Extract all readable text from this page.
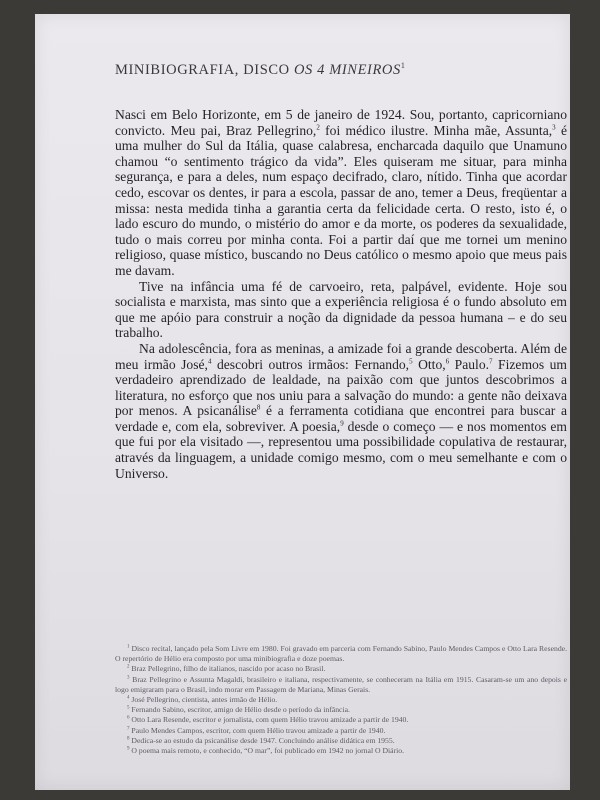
MINIBIOGRAFIA, DISCO OS 4 MINEIROS$^1$

Nasci em Belo Horizonte, em 5 de janeiro de 1924. Sou, portanto, capricorniano convicto. Meu pai, Braz Pellegrino,$^2$ foi médico ilustre. Minha mãe, Assunta,$^3$ é uma mulher do Sul da Itália, quase calabresa, encharcada daquilo que Unamuno chamou “o sentimento trágico da vida”. Eles quiseram me situar, para minha segurança, e para a deles, num espaço decifrado, claro, nítido. Tinha que acordar cedo, escovar os dentes, ir para a escola, passar de ano, temer a Deus, freqüentar a missa: nesta medida tinha a garantia certa da felicidade certa. O resto, isto é, o lado escuro do mundo, o mistério do amor e da morte, os poderes da sexualidade, tudo o mais correu por minha conta. Foi a partir daí que me tornei um menino religioso, quase místico, buscando no Deus católico o mesmo apoio que meus pais me davam.

Tive na infância uma fé de carvoeiro, reta, palpável, evidente. Hoje sou socialista e marxista, mas sinto que a experiência religiosa é o fundo absoluto em que me apóio para construir a noção da dignidade da pessoa humana – e do seu trabalho.

Na adolescência, fora as meninas, a amizade foi a grande descoberta. Além de meu irmão José,$^4$ descobri outros irmãos: Fernando,$^5$ Otto,$^6$ Paulo.$^7$ Fizemos um verdadeiro aprendizado de lealdade, na paixão com que juntos descobrimos a literatura, no esforço que nos uniu para a salvação do mundo: a gente não deixava por menos. A psicanálise$^8$ é a ferramenta cotidiana que encontrei para buscar a verdade e, com ela, sobreviver. A poesia,$^9$ desde o começo — e nos momentos em que fui por ela visitado —, representou uma possibilidade copulativa de restaurar, através da linguagem, a unidade comigo mesmo, com o meu semelhante e com o Universo.

$^1$ Disco recital, lançado pela Som Livre em 1980. Foi gravado em parceria com Fernando Sabino, Paulo Mendes Campos e Otto Lara Resende. O repertório de Hélio era composto por uma minibiografia e doze poemas.

$^2$ Braz Pellegrino, filho de italianos, nascido por acaso no Brasil.

$^3$ Braz Pellegrino e Assunta Magaldi, brasileiro e italiana, respectivamente, se conheceram na Itália em 1915. Casaram-se um ano depois e logo emigraram para o Brasil, indo morar em Passagem de Mariana, Minas Gerais.

$^4$ José Pellegrino, cientista, antes irmão de Hélio.

$^5$ Fernando Sabino, escritor, amigo de Hélio desde o período da infância.

$^6$ Otto Lara Resende, escritor e jornalista, com quem Hélio travou amizade a partir de 1940.

$^7$ Paulo Mendes Campos, escritor, com quem Hélio travou amizade a partir de 1940.

$^8$ Dedica-se ao estudo da psicanálise desde 1947. Concluindo análise didática em 1955.

$^9$ O poema mais remoto, e conhecido, “O mar”, foi publicado em 1942 no jornal O Diário.
